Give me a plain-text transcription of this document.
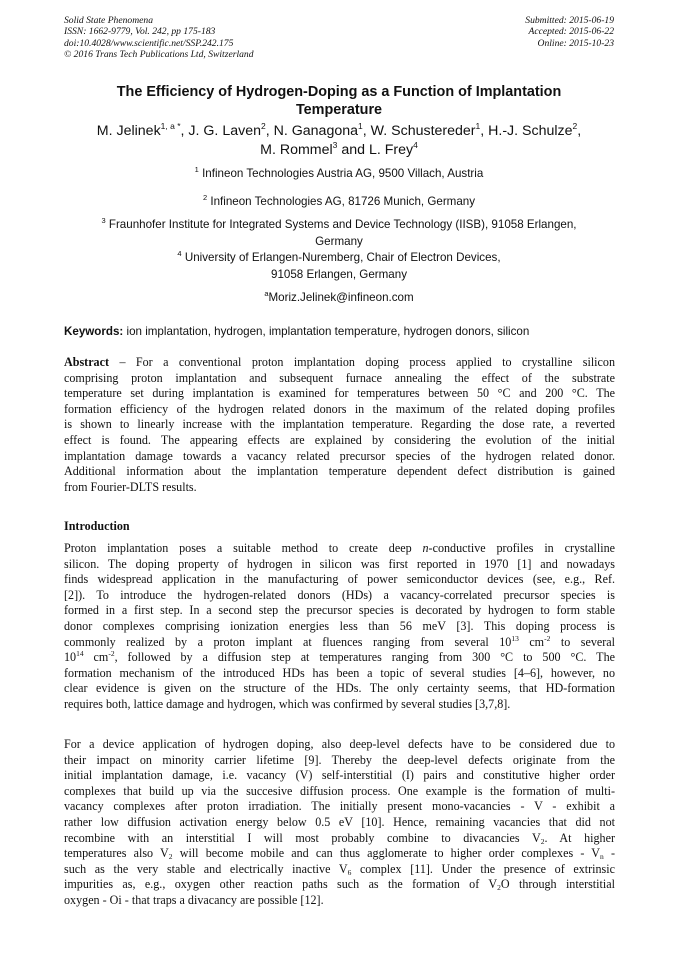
Solid State Phenomena
ISSN: 1662-9779, Vol. 242, pp 175-183
doi:10.4028/www.scientific.net/SSP.242.175
© 2016 Trans Tech Publications Ltd, Switzerland
Submitted: 2015-06-19
Accepted: 2015-06-22
Online: 2015-10-23
The Efficiency of Hydrogen-Doping as a Function of Implantation
Temperature
M. Jelinek$^{1, a *}$, J. G. Laven$^2$, N. Ganagona$^1$, W. Schustereder$^1$, H.-J. Schulze$^2$,
M. Rommel$^3$ and L. Frey$^4$
$^1$ Infineon Technologies Austria AG, 9500 Villach, Austria
$^2$ Infineon Technologies AG, 81726 Munich, Germany
$^3$ Fraunhofer Institute for Integrated Systems and Device Technology (IISB), 91058 Erlangen,
Germany
$^4$ University of Erlangen-Nuremberg, Chair of Electron Devices,
91058 Erlangen, Germany
$^a$Moriz.Jelinek@infineon.com
Keywords: ion implantation, hydrogen, implantation temperature, hydrogen donors, silicon
Abstract – For a conventional proton implantation doping process applied to crystalline silicon
comprising proton implantation and subsequent furnace annealing the effect of the substrate
temperature set during implantation is examined for temperatures between 50 °C and 200 °C. The
formation efficiency of the hydrogen related donors in the maximum of the related doping profiles
is shown to linearly increase with the implantation temperature. Regarding the dose rate, a reverted
effect is found. The appearing effects are explained by considering the evolution of the initial
implantation damage towards a vacancy related precursor species of the hydrogen related donor.
Additional information about the implantation temperature dependent defect distribution is gained
from Fourier-DLTS results.
Introduction
Proton implantation poses a suitable method to create deep n-conductive profiles in crystalline
silicon. The doping property of hydrogen in silicon was first reported in 1970 [1] and nowadays
finds widespread application in the manufacturing of power semiconductor devices (see, e.g., Ref.
[2]). To introduce the hydrogen-related donors (HDs) a vacancy-correlated precursor species is
formed in a first step. In a second step the precursor species is decorated by hydrogen to form stable
donor complexes comprising ionization energies less than 56 meV [3]. This doping process is
commonly realized by a proton implant at fluences ranging from several $10^{13}$ $cm^{-2}$ to several
$10^{14}$ $cm^{-2}$, followed by a diffusion step at temperatures ranging from 300 °C to 500 °C. The
formation mechanism of the introduced HDs has been a topic of several studies [4–6], however, no
clear evidence is given on the structure of the HDs. The only certainty seems, that HD-formation
requires both, lattice damage and hydrogen, which was confirmed by several studies [3,7,8].
For a device application of hydrogen doping, also deep-level defects have to be considered due to
their impact on minority carrier lifetime [9]. Thereby the deep-level defects originate from the
initial implantation damage, i.e. vacancy (V) self-interstitial (I) pairs and constitutive higher order
complexes that build up via the succesive diffusion process. One example is the formation of multi-
vacancy complexes after proton irradiation. The initially present mono-vacancies - V - exhibit a
rather low diffusion activation energy below 0.5 eV [10]. Hence, remaining vacancies that did not
recombine with an interstitial I will most probably combine to divacancies $V_2$. At higher
temperatures also $V_2$ will become mobile and can thus agglomerate to higher order complexes - $V_n$ -
such as the very stable and electrically inactive $V_6$ complex [11]. Under the presence of extrinsic
impurities as, e.g., oxygen other reaction paths such as the formation of $V_2O$ through interstitial
oxygen - Oi - that traps a divacancy are possible [12].
